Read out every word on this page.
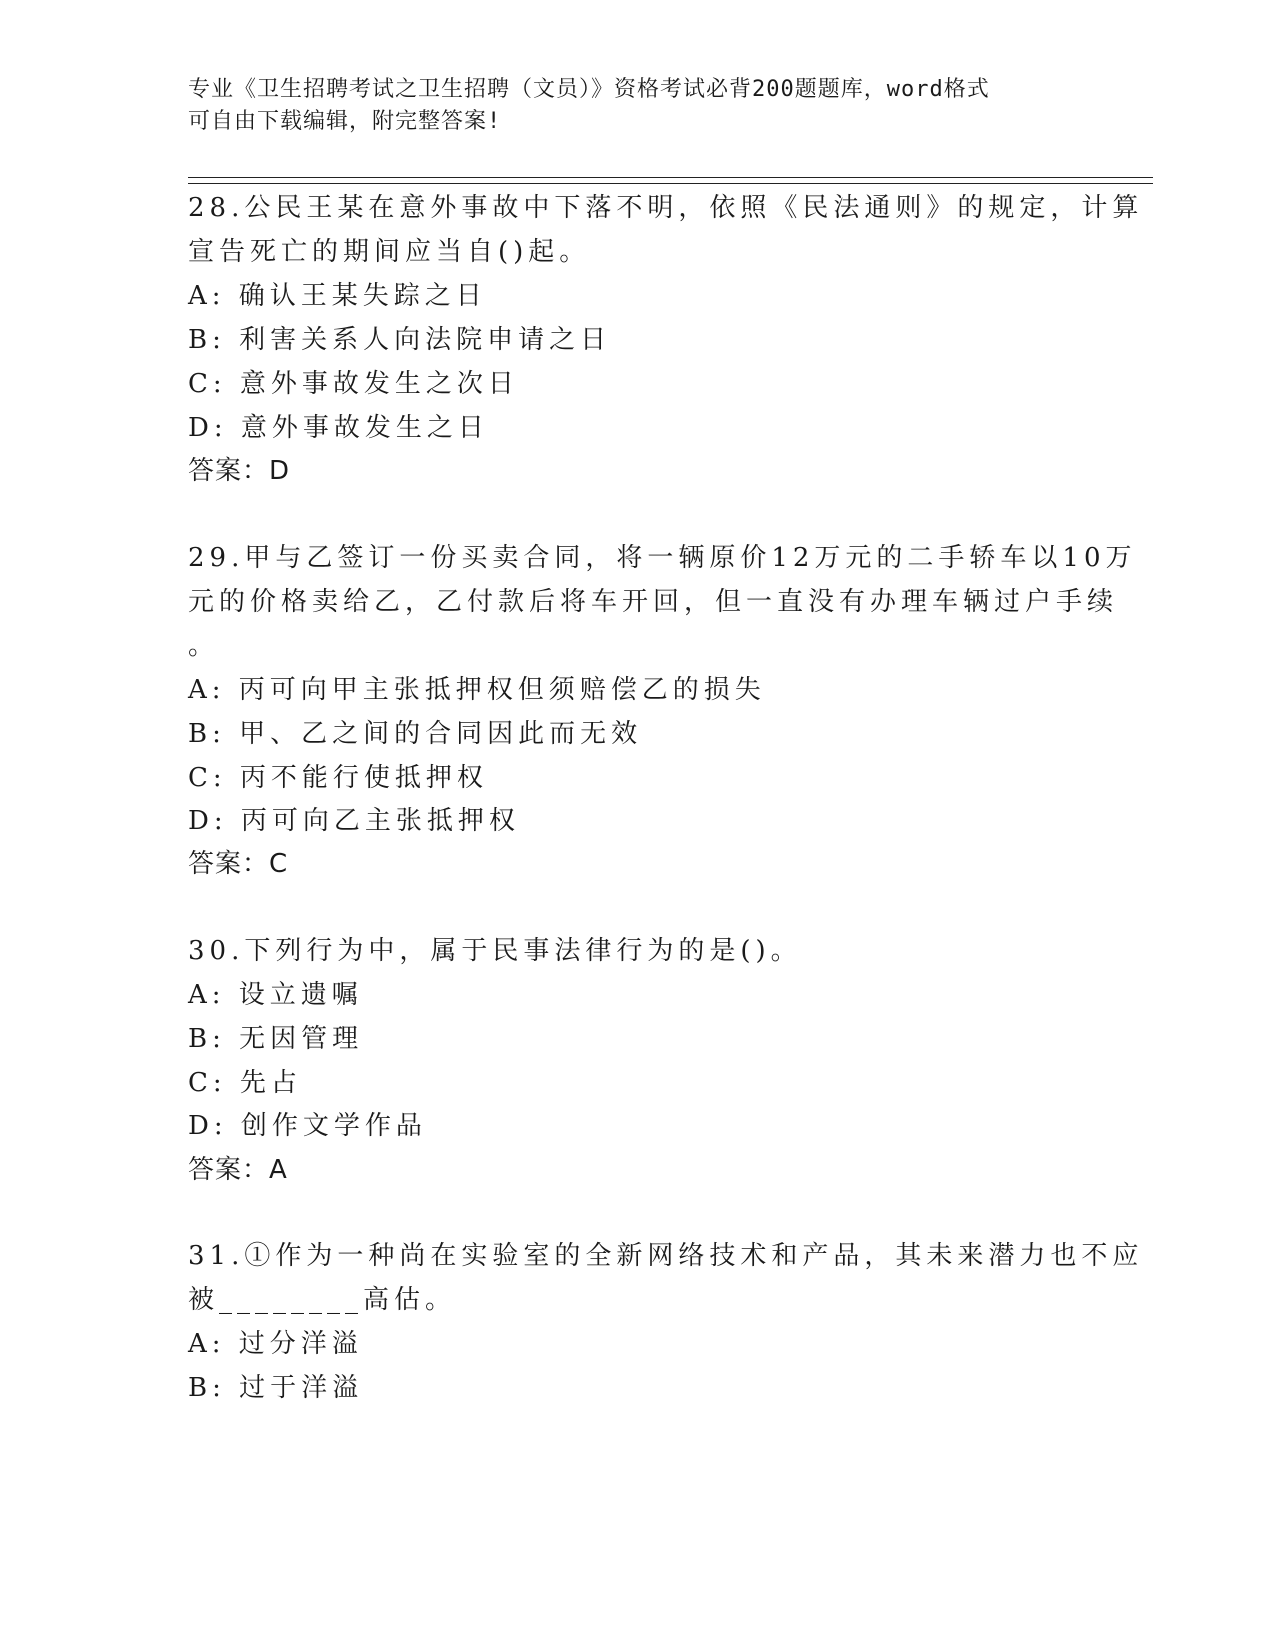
专业《卫生招聘考试之卫生招聘（文员）》资格考试必背200题题库，word格式
可自由下载编辑，附完整答案!
28.公民王某在意外事故中下落不明，依照《民法通则》的规定，计算
宣告死亡的期间应当自()起。
A: 确认王某失踪之日
B: 利害关系人向法院申请之日
C: 意外事故发生之次日
D: 意外事故发生之日
答案：D
29.甲与乙签订一份买卖合同，将一辆原价12万元的二手轿车以10万
元的价格卖给乙，乙付款后将车开回，但一直没有办理车辆过户手续
。
A: 丙可向甲主张抵押权但须赔偿乙的损失
B: 甲、乙之间的合同因此而无效
C: 丙不能行使抵押权
D: 丙可向乙主张抵押权
答案：C
30.下列行为中，属于民事法律行为的是()。
A: 设立遗嘱
B: 无因管理
C: 先占
D: 创作文学作品
答案：A
31.①作为一种尚在实验室的全新网络技术和产品，其未来潜力也不应
被________高估。
A: 过分洋溢
B: 过于洋溢
